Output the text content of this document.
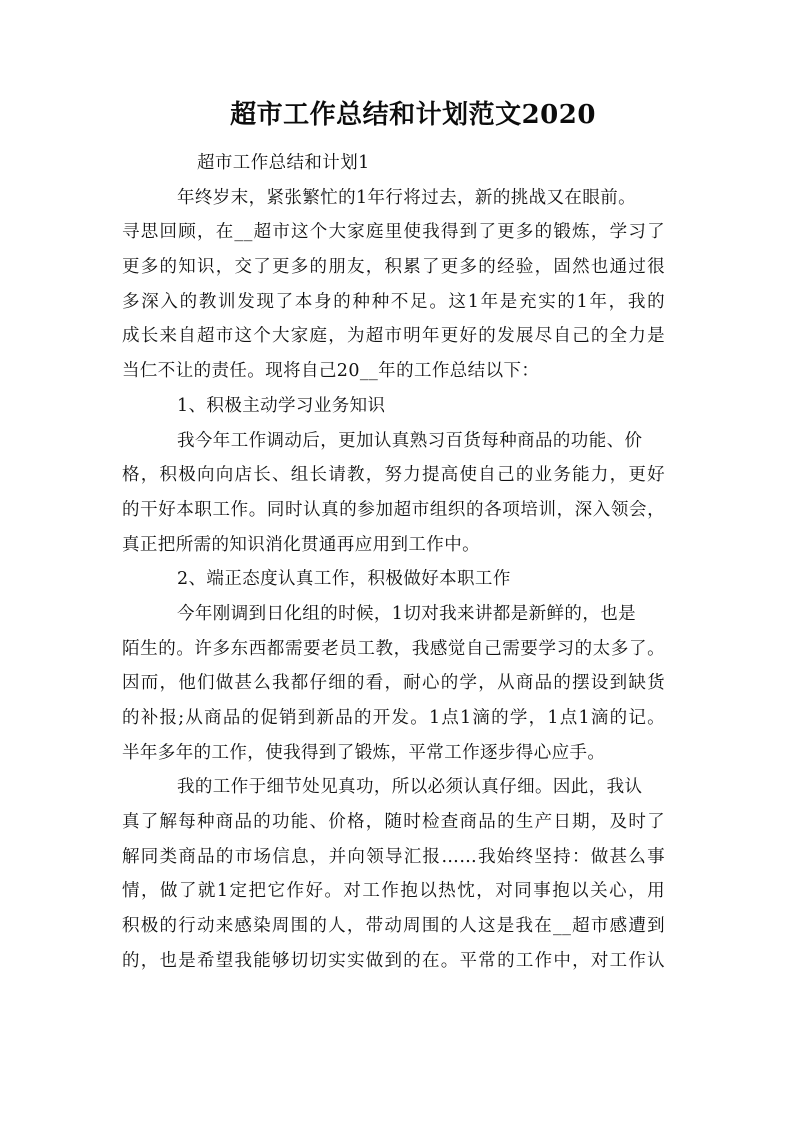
超市工作总结和计划范文2020
超市工作总结和计划1
年终岁末，紧张繁忙的1年行将过去，新的挑战又在眼前。
寻思回顾，在__超市这个大家庭里使我得到了更多的锻炼，学习了
更多的知识，交了更多的朋友，积累了更多的经验，固然也通过很
多深入的教训发现了本身的种种不足。这1年是充实的1年，我的
成长来自超市这个大家庭，为超市明年更好的发展尽自己的全力是
当仁不让的责任。现将自己20__年的工作总结以下：
1、积极主动学习业务知识
我今年工作调动后，更加认真熟习百货每种商品的功能、价
格，积极向向店长、组长请教，努力提高使自己的业务能力，更好
的干好本职工作。同时认真的参加超市组织的各项培训，深入领会，
真正把所需的知识消化贯通再应用到工作中。
2、端正态度认真工作，积极做好本职工作
今年刚调到日化组的时候，1切对我来讲都是新鲜的，也是
陌生的。许多东西都需要老员工教，我感觉自己需要学习的太多了。
因而，他们做甚么我都仔细的看，耐心的学，从商品的摆设到缺货
的补报;从商品的促销到新品的开发。1点1滴的学，1点1滴的记。
半年多年的工作，使我得到了锻炼，平常工作逐步得心应手。
我的工作于细节处见真功，所以必须认真仔细。因此，我认
真了解每种商品的功能、价格，随时检查商品的生产日期，及时了
解同类商品的市场信息，并向领导汇报……我始终坚持：做甚么事
情，做了就1定把它作好。对工作抱以热忱，对同事抱以关心，用
积极的行动来感染周围的人，带动周围的人这是我在__超市感遭到
的，也是希望我能够切切实实做到的在。平常的工作中，对工作认
